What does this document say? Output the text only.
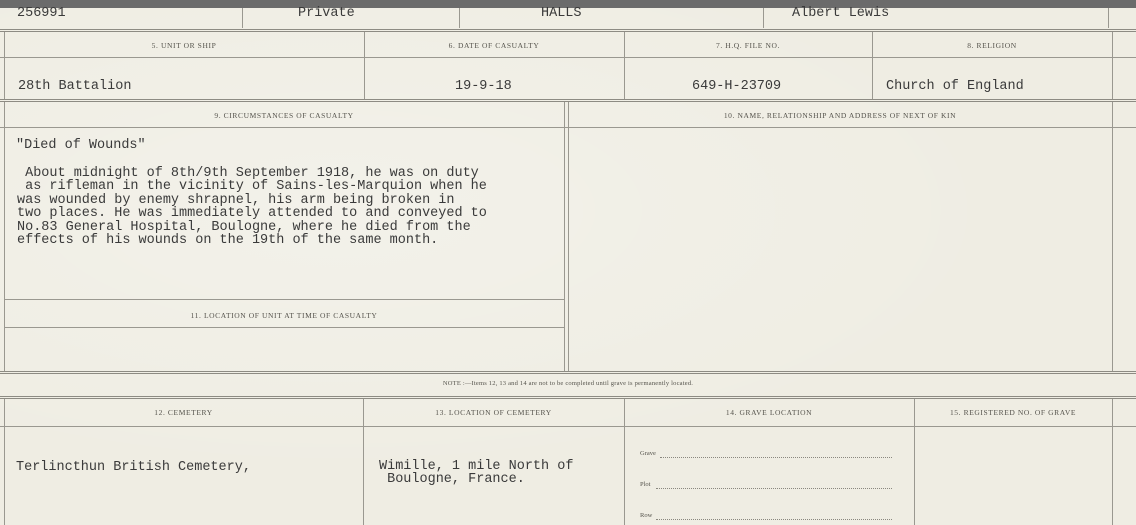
256991	Private	HALLS	Albert Lewis
5. UNIT OR SHIP	6. DATE OF CASUALTY	7. H.Q. FILE NO.	8. RELIGION
28th Battalion	19-9-18	649-H-23709	Church of England
9. CIRCUMSTANCES OF CASUALTY	10. NAME, RELATIONSHIP AND ADDRESS OF NEXT OF KIN
"Died of Wounds"
About midnight of 8th/9th September 1918, he was on duty
as rifleman in the vicinity of Sains-les-Marquion when he
was wounded by enemy shrapnel, his arm being broken in
two places. He was immediately attended to and conveyed to
No.83 General Hospital, Boulogne, where he died from the
effects of his wounds on the 19th of the same month.
11. LOCATION OF UNIT AT TIME OF CASUALTY
NOTE :—Items 12, 13 and 14 are not to be completed until grave is permanently located.
12. CEMETERY	13. LOCATION OF CEMETERY	14. GRAVE LOCATION	15. REGISTERED NO. OF GRAVE
Terlincthun British Cemetery,	Wimille, 1 mile North of
Boulogne, France.
Grave
Plot
Row
